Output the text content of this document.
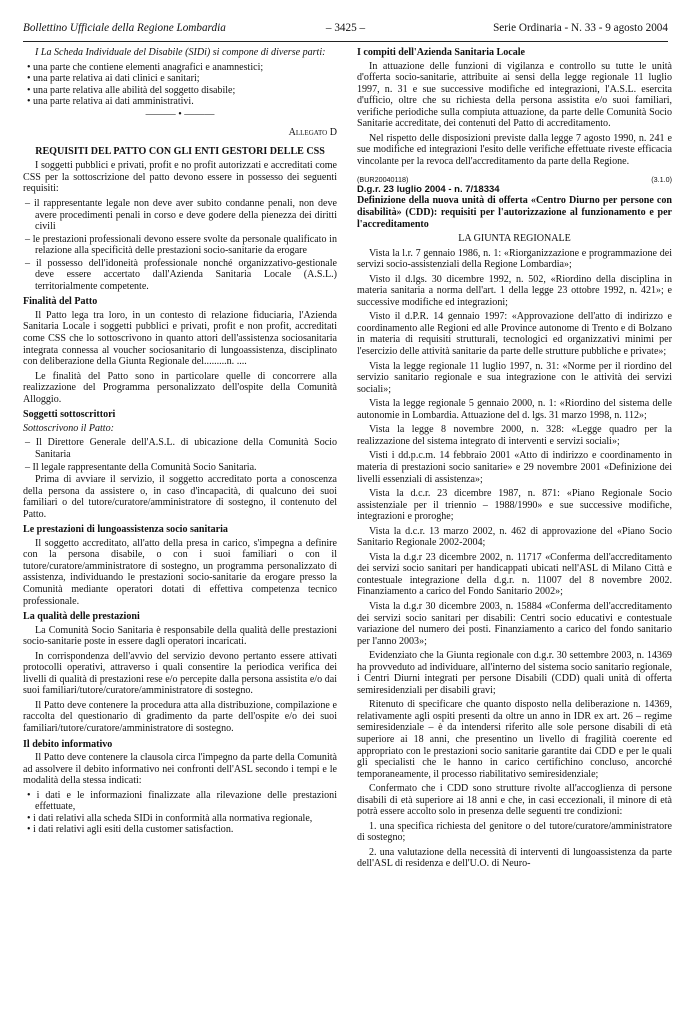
Bollettino Ufficiale della Regione Lombardia	– 3425 –	Serie Ordinaria - N. 33 - 9 agosto 2004

I La Scheda Individuale del Disabile (SIDi) si compone di diverse parti:

• una parte che contiene elementi anagrafici e anamnestici;

• una parte relativa ai dati clinici e sanitari;

• una parte relativa alle abilità del soggetto disabile;

• una parte relativa ai dati amministrativi.

——— • ———

Allegato D

REQUISITI DEL PATTO CON GLI ENTI GESTORI DELLE CSS

I soggetti pubblici e privati, profit e no profit autorizzati e accreditati come CSS per la sottoscrizione del patto devono essere in possesso dei seguenti requisiti:

– il rappresentante legale non deve aver subito condanne penali, non deve avere procedimenti penali in corso e deve godere della pienezza dei diritti civili

– le prestazioni professionali devono essere svolte da personale qualificato in relazione alla specificità delle prestazioni socio-sanitarie da erogare

– il possesso dell'idoneità professionale nonché organizzativo-gestionale deve essere accertato dall'Azienda Sanitaria Locale (A.S.L.) territorialmente competente.

Finalità del Patto

Il Patto lega tra loro, in un contesto di relazione fiduciaria, l'Azienda Sanitaria Locale i soggetti pubblici e privati, profit e non profit, accreditati come CSS che lo sottoscrivono in quanto attori dell'assistenza sociosanitaria integrata connessa al voucher sociosanitario di lungoassistenza, disciplinato con deliberazione della Giunta Regionale del.........n. ....

Le finalità del Patto sono in particolare quelle di concorrere alla realizzazione del Programma personalizzato dell'ospite della Comunità Alloggio.

Soggetti sottoscrittori

Sottoscrivono il Patto:

– Il Direttore Generale dell'A.S.L. di ubicazione della Comunità Socio Sanitaria

– Il legale rappresentante della Comunità Socio Sanitaria.

Prima di avviare il servizio, il soggetto accreditato porta a conoscenza della persona da assistere o, in caso d'incapacità, di qualcuno dei suoi familiari o del tutore/curatore/amministratore di sostegno, il contenuto del Patto.

Le prestazioni di lungoassistenza socio sanitaria

Il soggetto accreditato, all'atto della presa in carico, s'impegna a definire con la persona disabile, o con i suoi familiari o con il tutore/curatore/amministratore di sostegno, un programma personalizzato di assistenza, individuando le prestazioni socio-sanitarie da erogare presso la Comunità mediante operatori dotati di effettiva competenza tecnico professionale.

La qualità delle prestazioni

La Comunità Socio Sanitaria è responsabile della qualità delle prestazioni socio-sanitarie poste in essere dagli operatori incaricati.

In corrispondenza dell'avvio del servizio devono pertanto essere attivati protocolli operativi, attraverso i quali consentire la periodica verifica dei livelli di qualità di prestazioni rese e/o percepite dalla persona assistita e/o dai suoi familiari/tutore/curatore/amministratore di sostegno.

Il Patto deve contenere la procedura atta alla distribuzione, compilazione e raccolta del questionario di gradimento da parte dell'ospite e/o dei suoi familiari/tutore/curatore/amministratore di sostegno.

Il debito informativo

Il Patto deve contenere la clausola circa l'impegno da parte della Comunità ad assolvere il debito informativo nei confronti dell'ASL secondo i tempi e le modalità della stessa indicati:

• i dati e le informazioni finalizzate alla rilevazione delle prestazioni effettuate,

• i dati relativi alla scheda SIDi in conformità alla normativa regionale,

• i dati relativi agli esiti della customer satisfaction.

I compiti dell'Azienda Sanitaria Locale

In attuazione delle funzioni di vigilanza e controllo su tutte le unità d'offerta socio-sanitarie, attribuite ai sensi della legge regionale 11 luglio 1997, n. 31 e sue successive modifiche ed integrazioni, l'A.S.L. esercita d'ufficio, oltre che su richiesta della persona assistita e/o suoi familiari, verifiche periodiche sulla compiuta attuazione, da parte delle Comunità Socio Sanitarie accreditate, dei contenuti del Patto di accreditamento.

Nel rispetto delle disposizioni previste dalla legge 7 agosto 1990, n. 241 e sue modifiche ed integrazioni l'esito delle verifiche effettuate riveste efficacia vincolante per la revoca dell'accreditamento da parte della Regione.

(BUR20040118)	(3.1.0)

D.g.r. 23 luglio 2004 - n. 7/18334

Definizione della nuova unità di offerta «Centro Diurno per persone con disabilità» (CDD): requisiti per l'autorizzazione al funzionamento e per l'accreditamento

LA GIUNTA REGIONALE

Vista la l.r. 7 gennaio 1986, n. 1: «Riorganizzazione e programmazione dei servizi socio-assistenziali della Regione Lombardia»;

Visto il d.lgs. 30 dicembre 1992, n. 502, «Riordino della disciplina in materia sanitaria a norma dell'art. 1 della legge 23 ottobre 1992, n. 421»; e successive modifiche ed integrazioni;

Visto il d.P.R. 14 gennaio 1997: «Approvazione dell'atto di indirizzo e coordinamento alle Regioni ed alle Province autonome di Trento e di Bolzano in materia di requisiti strutturali, tecnologici ed organizzativi minimi per l'esercizio delle attività sanitarie da parte delle strutture pubbliche e private»;

Vista la legge regionale 11 luglio 1997, n. 31: «Norme per il riordino del servizio sanitario regionale e sua integrazione con le attività dei servizi sociali»;

Vista la legge regionale 5 gennaio 2000, n. 1: «Riordino del sistema delle autonomie in Lombardia. Attuazione del d. lgs. 31 marzo 1998, n. 112»;

Vista la legge 8 novembre 2000, n. 328: «Legge quadro per la realizzazione del sistema integrato di interventi e servizi sociali»;

Visti i dd.p.c.m. 14 febbraio 2001 «Atto di indirizzo e coordinamento in materia di prestazioni socio sanitarie» e 29 novembre 2001 «Definizione dei livelli essenziali di assistenza»;

Vista la d.c.r. 23 dicembre 1987, n. 871: «Piano Regionale Socio assistenziale per il triennio – 1988/1990» e sue successive modifiche, integrazioni e proroghe;

Vista la d.c.r. 13 marzo 2002, n. 462 di approvazione del «Piano Socio Sanitario Regionale 2002-2004;

Vista la d.g.r 23 dicembre 2002, n. 11717 «Conferma dell'accreditamento dei servizi socio sanitari per handicappati ubicati nell'ASL di Milano Città e contestuale integrazione della d.g.r. n. 11007 del 8 novembre 2002. Finanziamento a carico del Fondo Sanitario 2002»;

Vista la d.g.r 30 dicembre 2003, n. 15884 «Conferma dell'accreditamento dei servizi socio sanitari per disabili: Centri socio educativi e contestuale variazione del numero dei posti. Finanziamento a carico del fondo sanitario per l'anno 2003»;

Evidenziato che la Giunta regionale con d.g.r. 30 settembre 2003, n. 14369 ha provveduto ad individuare, all'interno del sistema socio sanitario regionale, i Centri Diurni integrati per persone Disabili (CDD) quali unità di offerta semiresidenziali per disabili gravi;

Ritenuto di specificare che quanto disposto nella deliberazione n. 14369, relativamente agli ospiti presenti da oltre un anno in IDR ex art. 26 – regime semiresidenziale – è da intendersi riferito alle sole persone disabili di età superiore ai 18 anni, che presentino un livello di fragilità coerente ed appropriato con le prestazioni socio sanitarie garantite dai CDD e per le quali gli specialisti che le hanno in carico certifichino concluso, ancorché temporaneamente, il processo riabilitativo semiresidenziale;

Confermato che i CDD sono strutture rivolte all'accoglienza di persone disabili di età superiore ai 18 anni e che, in casi eccezionali, il minore di età potrà essere accolto solo in presenza delle seguenti tre condizioni:

1. una specifica richiesta del genitore o del tutore/curatore/amministratore di sostegno;

2. una valutazione della necessità di interventi di lungoassistenza da parte dell'ASL di residenza e dell'U.O. di Neuro-
